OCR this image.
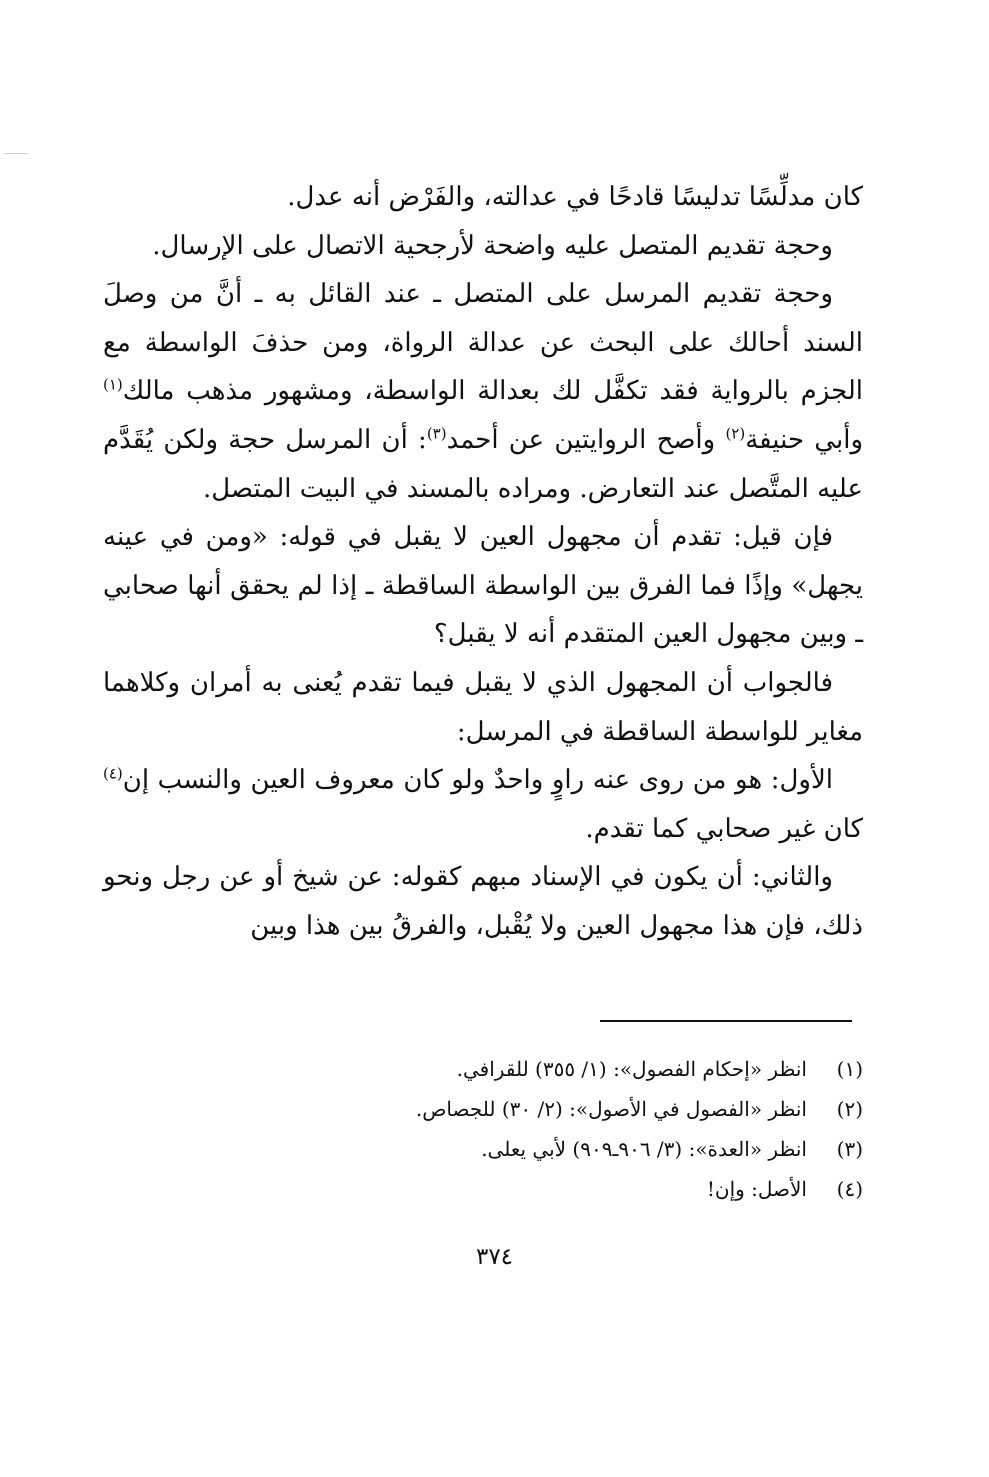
كان مدلِّسًا تدليسًا قادحًا في عدالته، والفَرْض أنه عدل.

وحجة تقديم المتصل عليه واضحة لأرجحية الاتصال على الإرسال.

وحجة تقديم المرسل على المتصل ـ عند القائل به ـ أنَّ من وصلَ السند أحالك على البحث عن عدالة الرواة، ومن حذفَ الواسطة مع الجزم بالرواية فقد تكفَّل لك بعدالة الواسطة، ومشهور مذهب مالك$^{(١)}$ وأبي حنيفة$^{(٢)}$ وأصح الروايتين عن أحمد$^{(٣)}$: أن المرسل حجة ولكن يُقَدَّم عليه المتَّصل عند التعارض. ومراده بالمسند في البيت المتصل.

فإن قيل: تقدم أن مجهول العين لا يقبل في قوله: «ومن في عينه يجهل» وإذًا فما الفرق بين الواسطة الساقطة ـ إذا لم يحقق أنها صحابي ـ وبين مجهول العين المتقدم أنه لا يقبل؟

فالجواب أن المجهول الذي لا يقبل فيما تقدم يُعنى به أمران وكلاهما مغاير للواسطة الساقطة في المرسل:

الأول: هو من روى عنه راوٍ واحدٌ ولو كان معروف العين والنسب إن$^{(٤)}$ كان غير صحابي كما تقدم.

والثاني: أن يكون في الإسناد مبهم كقوله: عن شيخ أو عن رجل ونحو ذلك، فإن هذا مجهول العين ولا يُقْبل، والفرقُ بين هذا وبين

(١)
انظر «إحكام الفصول»: (١/ ٣٥٥) للقرافي.
(٢)
انظر «الفصول في الأصول»: (٢/ ٣٠) للجصاص.
(٣)
انظر «العدة»: (٣/ ٩٠٦ـ٩٠٩) لأبي يعلى.
(٤)
الأصل: وإن!
٣٧٤
